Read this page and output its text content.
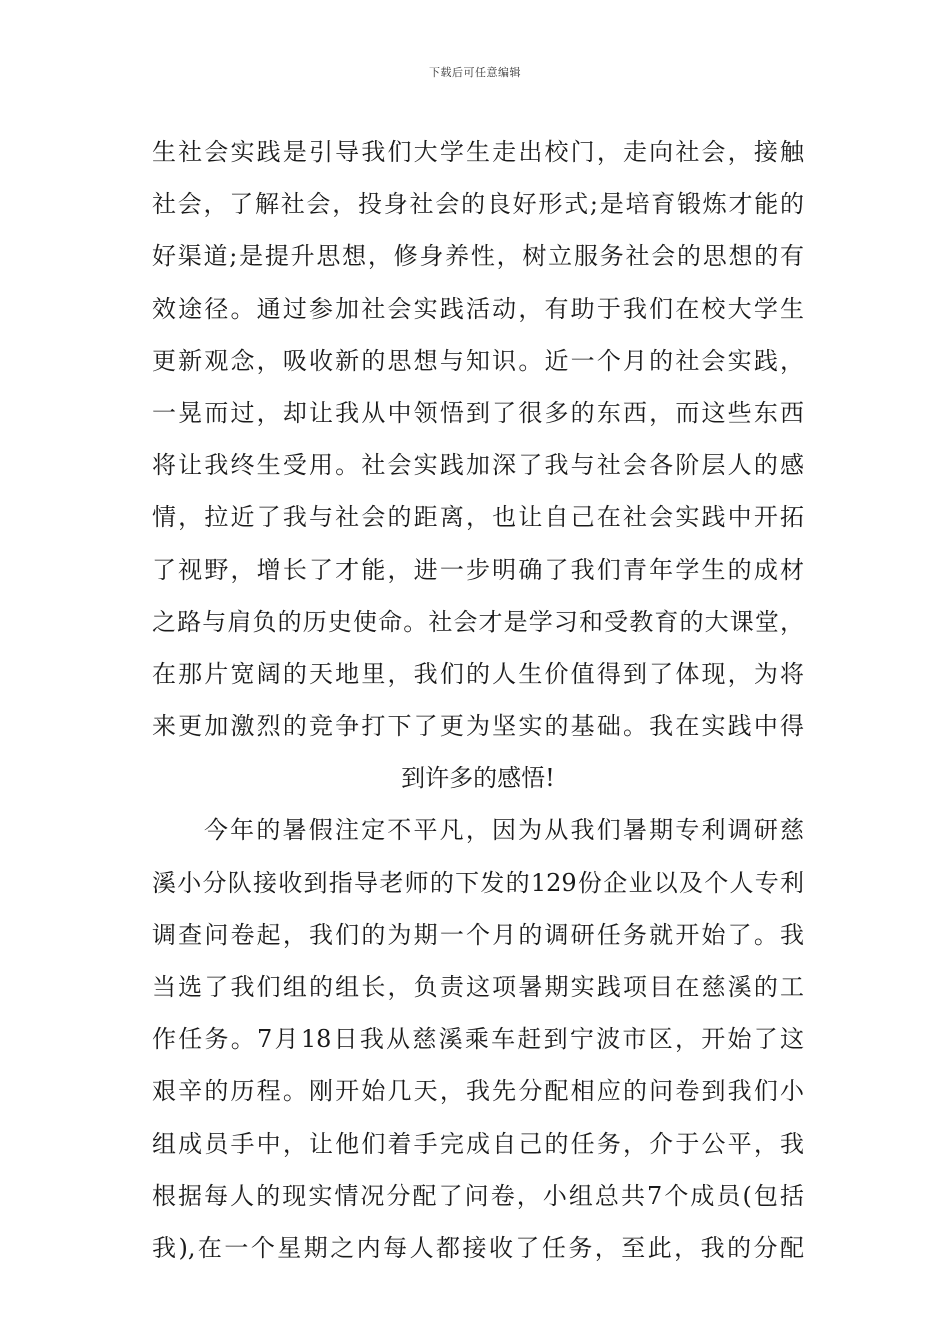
下载后可任意编辑
生社会实践是引导我们大学生走出校门，走向社会，接触
社会，了解社会，投身社会的良好形式;是培育锻炼才能的
好渠道;是提升思想，修身养性，树立服务社会的思想的有
效途径。通过参加社会实践活动，有助于我们在校大学生
更新观念，吸收新的思想与知识。近一个月的社会实践，
一晃而过，却让我从中领悟到了很多的东西，而这些东西
将让我终生受用。社会实践加深了我与社会各阶层人的感
情，拉近了我与社会的距离，也让自己在社会实践中开拓
了视野，增长了才能，进一步明确了我们青年学生的成材
之路与肩负的历史使命。社会才是学习和受教育的大课堂，
在那片宽阔的天地里，我们的人生价值得到了体现，为将
来更加激烈的竞争打下了更为坚实的基础。我在实践中得
到许多的感悟!
今年的暑假注定不平凡，因为从我们暑期专利调研慈
溪小分队接收到指导老师的下发的129份企业以及个人专利
调查问卷起，我们的为期一个月的调研任务就开始了。我
当选了我们组的组长，负责这项暑期实践项目在慈溪的工
作任务。7月18日我从慈溪乘车赶到宁波市区，开始了这
艰辛的历程。刚开始几天，我先分配相应的问卷到我们小
组成员手中，让他们着手完成自己的任务，介于公平，我
根据每人的现实情况分配了问卷，小组总共7个成员(包括
我),在一个星期之内每人都接收了任务，至此，我的分配
